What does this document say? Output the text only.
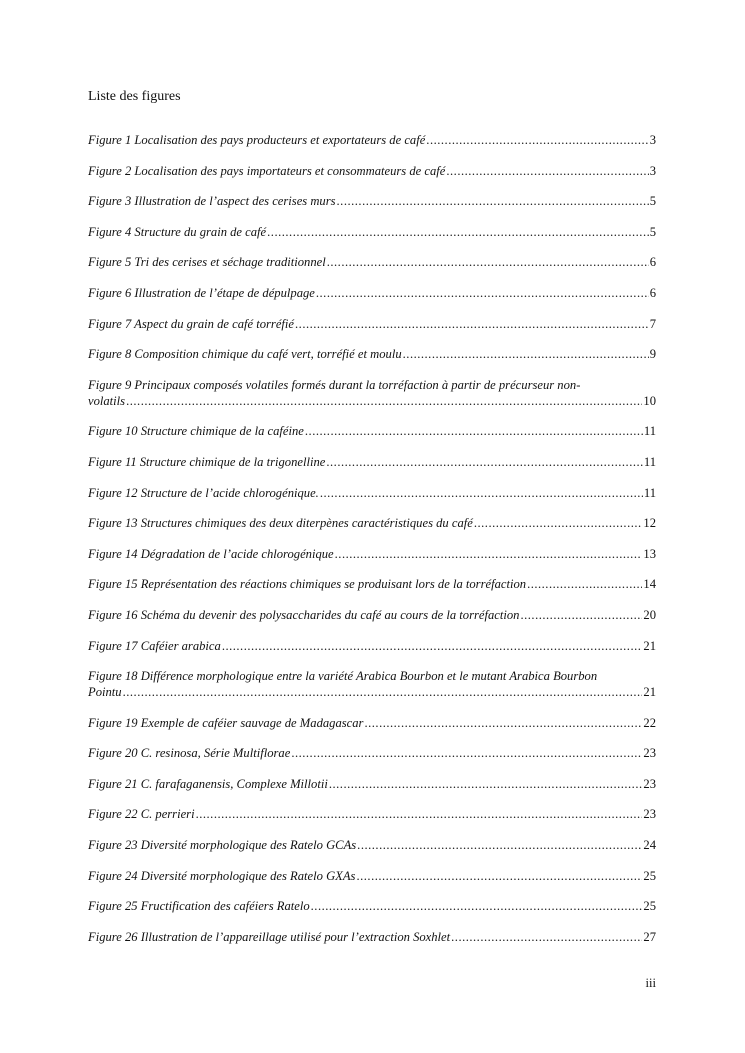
Liste des figures
Figure 1 Localisation des pays producteurs et exportateurs de café .....	3
Figure 2 Localisation des pays importateurs et consommateurs de café .....	3
Figure 3 Illustration de l’aspect des cerises murs .....	5
Figure 4 Structure du grain de café .....	5
Figure 5 Tri des cerises et séchage traditionnel .....	6
Figure 6 Illustration de l’étape de dépulpage .....	6
Figure 7 Aspect du grain de café torréfié .....	7
Figure 8 Composition chimique du café vert, torréfié et moulu .....	9
Figure 9 Principaux composés volatiles formés durant la torréfaction à partir de précurseur non-
volatils .....	10
Figure 10 Structure chimique de la caféine .....	11
Figure 11 Structure chimique de la trigonelline .....	11
Figure 12 Structure de l’acide chlorogénique. .....	11
Figure 13 Structures chimiques des deux diterpènes caractéristiques du café .....	12
Figure 14 Dégradation de l’acide chlorogénique .....	13
Figure 15 Représentation des réactions chimiques se produisant lors de la torréfaction .....	14
Figure 16 Schéma du devenir des polysaccharides du café au cours de la torréfaction .....	20
Figure 17 Caféier arabica .....	21
Figure 18 Différence morphologique entre la variété Arabica Bourbon et le mutant Arabica Bourbon
Pointu .....	21
Figure 19 Exemple de caféier sauvage de Madagascar .....	22
Figure 20 C. resinosa, Série Multiflorae .....	23
Figure 21 C. farafaganensis, Complexe Millotii .....	23
Figure 22 C. perrieri .....	23
Figure 23 Diversité morphologique des Ratelo GCAs .....	24
Figure 24 Diversité morphologique des Ratelo GXAs .....	25
Figure 25 Fructification des caféiers Ratelo .....	25
Figure 26 Illustration de l’appareillage utilisé pour l’extraction Soxhlet .....	27
iii
